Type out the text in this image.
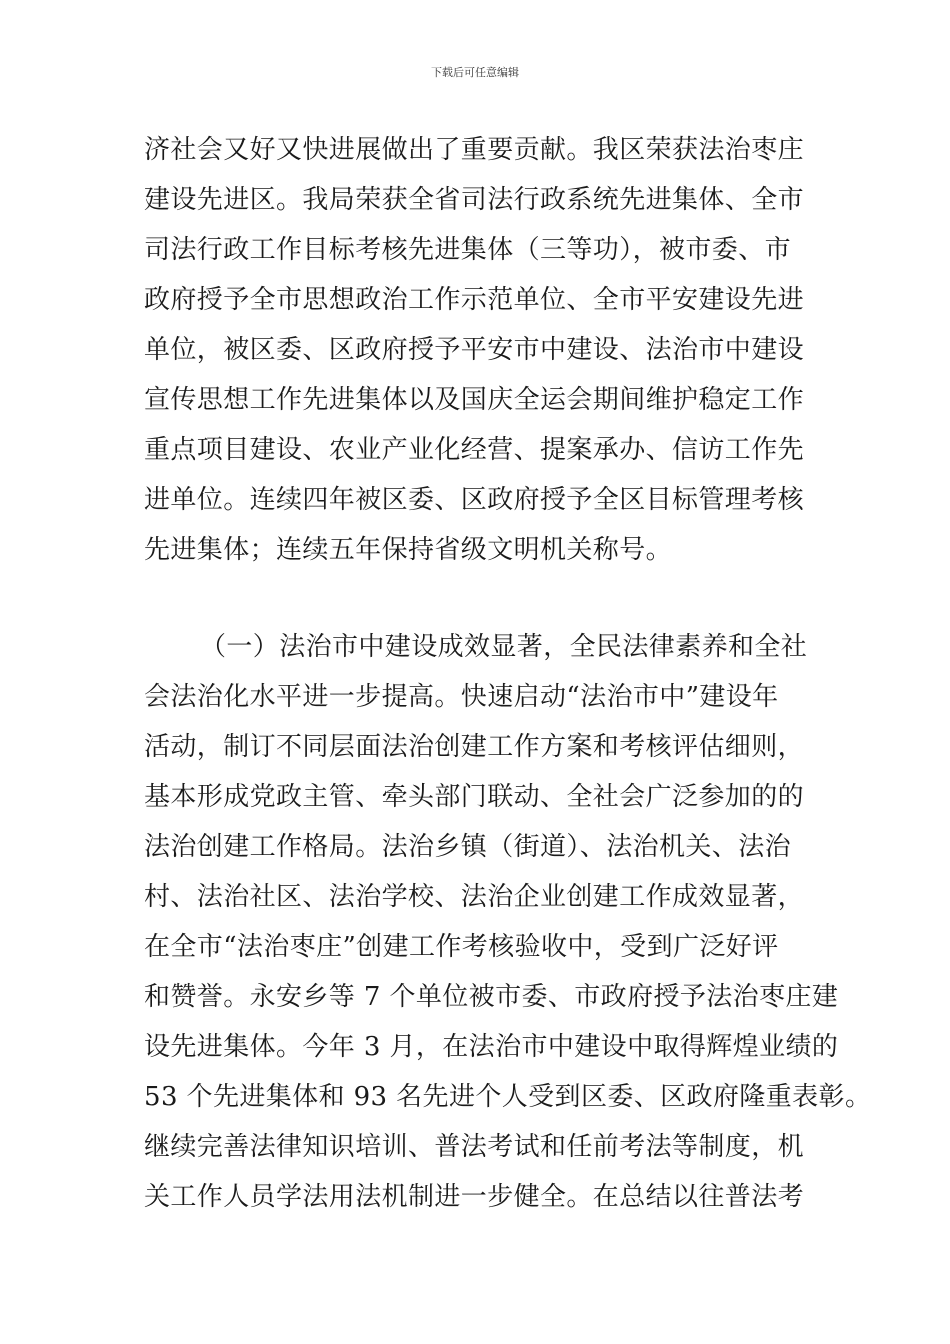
下载后可任意编辑
济社会又好又快进展做出了重要贡献。我区荣获法治枣庄
建设先进区。我局荣获全省司法行政系统先进集体、全市
司法行政工作目标考核先进集体（三等功），被市委、市
政府授予全市思想政治工作示范单位、全市平安建设先进
单位，被区委、区政府授予平安市中建设、法治市中建设
宣传思想工作先进集体以及国庆全运会期间维护稳定工作
重点项目建设、农业产业化经营、提案承办、信访工作先
进单位。连续四年被区委、区政府授予全区目标管理考核
先进集体；连续五年保持省级文明机关称号。
（一）法治市中建设成效显著，全民法律素养和全社
会法治化水平进一步提高。快速启动“法治市中”建设年
活动，制订不同层面法治创建工作方案和考核评估细则，
基本形成党政主管、牵头部门联动、全社会广泛参加的的
法治创建工作格局。法治乡镇（街道）、法治机关、法治
村、法治社区、法治学校、法治企业创建工作成效显著，
在全市“法治枣庄”创建工作考核验收中，受到广泛好评
和赞誉。永安乡等 7 个单位被市委、市政府授予法治枣庄建
设先进集体。今年 3 月，在法治市中建设中取得辉煌业绩的
53 个先进集体和 93 名先进个人受到区委、区政府隆重表彰。
继续完善法律知识培训、普法考试和任前考法等制度，机
关工作人员学法用法机制进一步健全。在总结以往普法考
